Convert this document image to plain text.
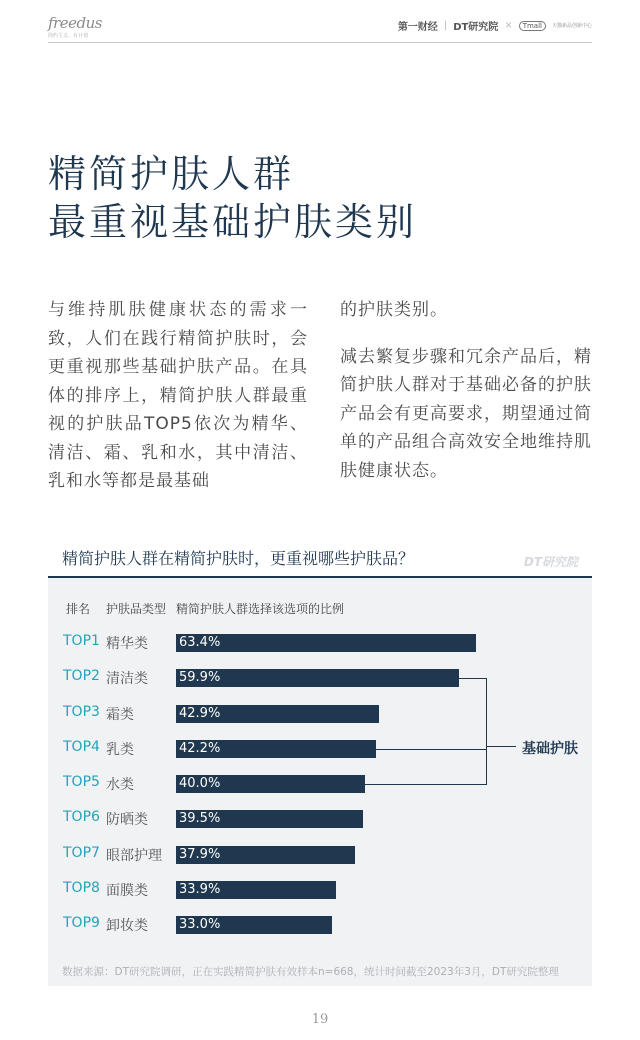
freedus
简约主义、有计划
第一财经 | DT研究院 ×	Tmall	天猫新品创新中心
精简护肤人群
最重视基础护肤类别

与维持肌肤健康状态的需求一致，人们在践行精简护肤时，会更重视那些基础护肤产品。在具体的排序上，精简护肤人群最重视的护肤品TOP5依次为精华、清洁、霜、乳和水，其中清洁、乳和水等都是最基础

的护肤类别。

减去繁复步骤和冗余产品后，精简护肤人群对于基础必备的护肤产品会有更高要求，期望通过简单的产品组合高效安全地维持肌肤健康状态。

精简护肤人群在精简护肤时，更重视哪些护肤品？	DT研究院
排名 护肤品类型 精简护肤人群选择该选项的比例
TOP1 精华类 63.4%
TOP2 清洁类 59.9%
TOP3 霜类	42.9%
TOP4 乳类	42.2%
TOP5 水类	40.0%
TOP6 防晒类 39.5%
TOP7 眼部护理 37.9%
TOP8 面膜类 33.9%
TOP9 卸妆类 33.0%
基础护肤
数据来源：DT研究院调研，正在实践精简护肤有效样本n=668，统计时间截至2023年3月，DT研究院整理
19
